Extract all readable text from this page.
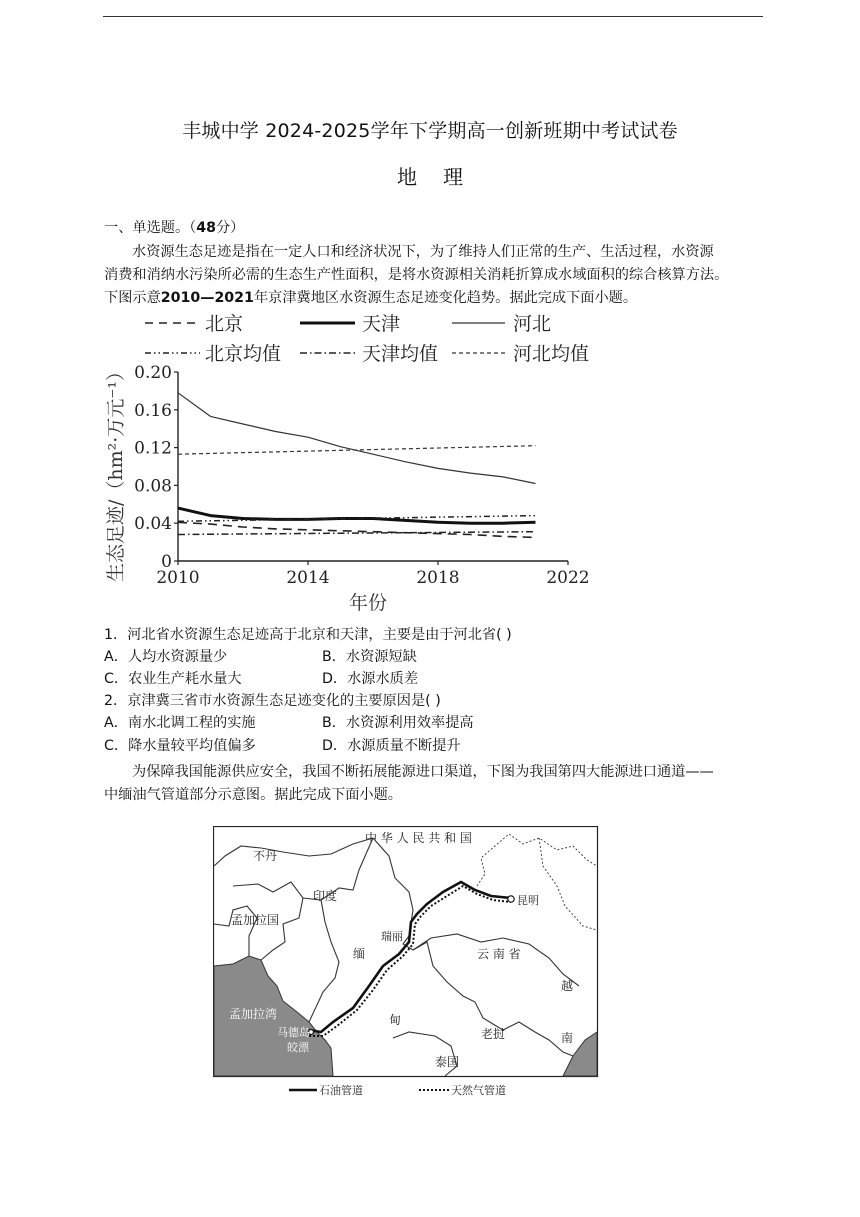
丰城中学 2024-2025学年下学期高一创新班期中考试试卷
地理
一、单选题。（48分）
水资源生态足迹是指在一定人口和经济状况下，为了维持人们正常的生产、生活过程，水资源
消费和消纳水污染所必需的生态生产性面积，是将水资源相关消耗折算成水域面积的综合核算方法。
下图示意2010—2021年京津冀地区水资源生态足迹变化趋势。据此完成下面小题。
北京	天津	河北
北京均值	天津均值	河北均值
生态足迹/（hm²·万元⁻¹）
年份
0
0.04
0.08
0.12
0.16
0.20
2010	2014	2018	2022
1．河北省水资源生态足迹高于北京和天津，主要是由于河北省( )
A．人均水资源量少	B．水资源短缺
C．农业生产耗水量大	D．水源水质差
2．京津冀三省市水资源生态足迹变化的主要原因是( )
A．南水北调工程的实施	B．水资源利用效率提高
C．降水量较平均值偏多	D．水源质量不断提升
为保障我国能源供应安全，我国不断拓展能源进口渠道，下图为我国第四大能源进口通道——
中缅油气管道部分示意图。据此完成下面小题。
中 华 人 民 共 和 国
不丹
印度
孟加拉国
缅
甸
瑞丽
昆明
云 南 省
越
南
老挝
泰国
孟加拉湾
马德岛
皎漂
石油管道	天然气管道
